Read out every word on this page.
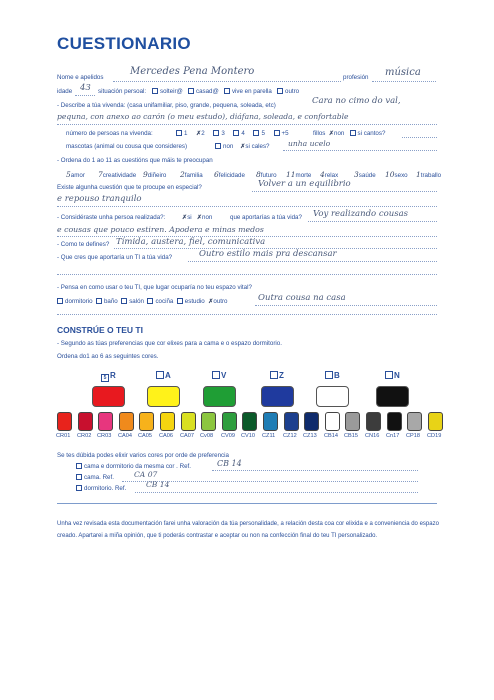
CUESTIONARIO
Nome e apelidos
Mercedes Pena Montero
profesión música
idade 43 situación persoal:	solteir@ casad@ vive en parella outro
- Describe a túa vivenda: (casa unifamiliar, piso, grande, pequena, soleada, etc)	Cara no cimo do val,
pequna, con anexo ao carón (o meu estudo), diáfana, soleada, e confortable
número de persoas na vivenda:	1 ✗2	3	4	5	+5	fillos ✗non si cantos?
mascotas (animal ou cousa que consideres)	non ✗si cales? unha ucelo
- Ordena do 1 ao 11 as cuestións que máis te preocupan
5amor 7creatividade 9diñeiro 2familia 6felicidade 8futuro 11morte 4relax 3saúde 10sexo 1traballo
Existe algunha cuestión que te procupe en especial?	Volver a un equilibrio
e repouso tranquilo
- Considéraste unha persoa realizada?:	✗si ✗non	que aportarías a túa vida? Voy realizando cousas
e cousas que pouco estiren. Apodera e minas medos
- Como te defines? Tímida, austera, fiel, comunicativa
- Que cres que aportaría un TI a túa vida?	Outro estilo mais pra descansar
- Pensa en como usar o teu TI, que lugar ocuparía no teu espazo vital?
dormitorio baño salón cociña estudio ✗outro	Outra cousa na casa
CONSTRÚE O TEU TI
- Segundo as túas preferencias que cor elixes para a cama e o espazo dormitorio.
Ordena do1 ao 6 as seguintes cores.
5 R	A	V	Z	B	N
CR01 CR02 CR03 CA04 CA05 CA06 CA07 Cv08 CV09 CV10 CZ11 CZ12 CZ13 CB14 CB15 CN16 Cn17 CP18 CD19
Se tes dúbida podes elixir varios cores por orde de preferencia
cama e dormitorio da mesma cor . Ref.	CB 14
cama. Ref.	CA 07
dormitorio. Ref.	CB 14
Unha vez revisada esta documentación farei unha valoración da túa personalidade, a relación desta coa cor elixida e a conveniencia do espazo creado. Apartarei a miña opinión, que ti poderás contrastar e aceptar ou non na confección final do teu TI personalizado.
